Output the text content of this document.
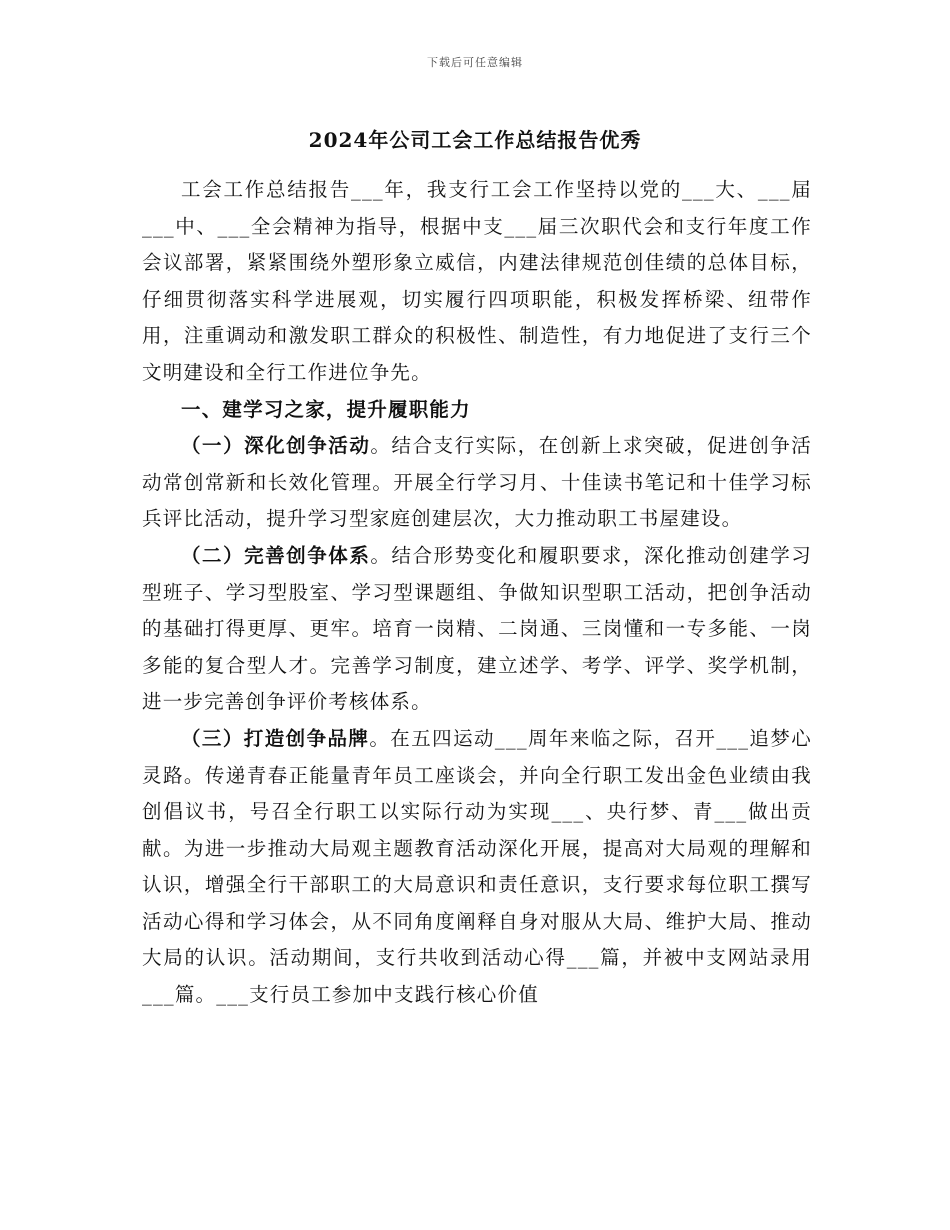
下载后可任意编辑
2024年公司工会工作总结报告优秀

工会工作总结报告___年，我支行工会工作坚持以党的___大、___届___中、___全会精神为指导，根据中支___届三次职代会和支行年度工作会议部署，紧紧围绕外塑形象立威信，内建法律规范创佳绩的总体目标，仔细贯彻落实科学进展观，切实履行四项职能，积极发挥桥梁、纽带作用，注重调动和激发职工群众的积极性、制造性，有力地促进了支行三个文明建设和全行工作进位争先。

一、建学习之家，提升履职能力

（一）深化创争活动。结合支行实际，在创新上求突破，促进创争活动常创常新和长效化管理。开展全行学习月、十佳读书笔记和十佳学习标兵评比活动，提升学习型家庭创建层次，大力推动职工书屋建设。

（二）完善创争体系。结合形势变化和履职要求，深化推动创建学习型班子、学习型股室、学习型课题组、争做知识型职工活动，把创争活动的基础打得更厚、更牢。培育一岗精、二岗通、三岗懂和一专多能、一岗多能的复合型人才。完善学习制度，建立述学、考学、评学、奖学机制，进一步完善创争评价考核体系。

（三）打造创争品牌。在五四运动___周年来临之际，召开___追梦心灵路。传递青春正能量青年员工座谈会，并向全行职工发出金色业绩由我创倡议书，号召全行职工以实际行动为实现___、央行梦、青___做出贡献。为进一步推动大局观主题教育活动深化开展，提高对大局观的理解和认识，增强全行干部职工的大局意识和责任意识，支行要求每位职工撰写活动心得和学习体会，从不同角度阐释自身对服从大局、维护大局、推动大局的认识。活动期间，支行共收到活动心得___篇，并被中支网站录用___篇。___支行员工参加中支践行核心价值
